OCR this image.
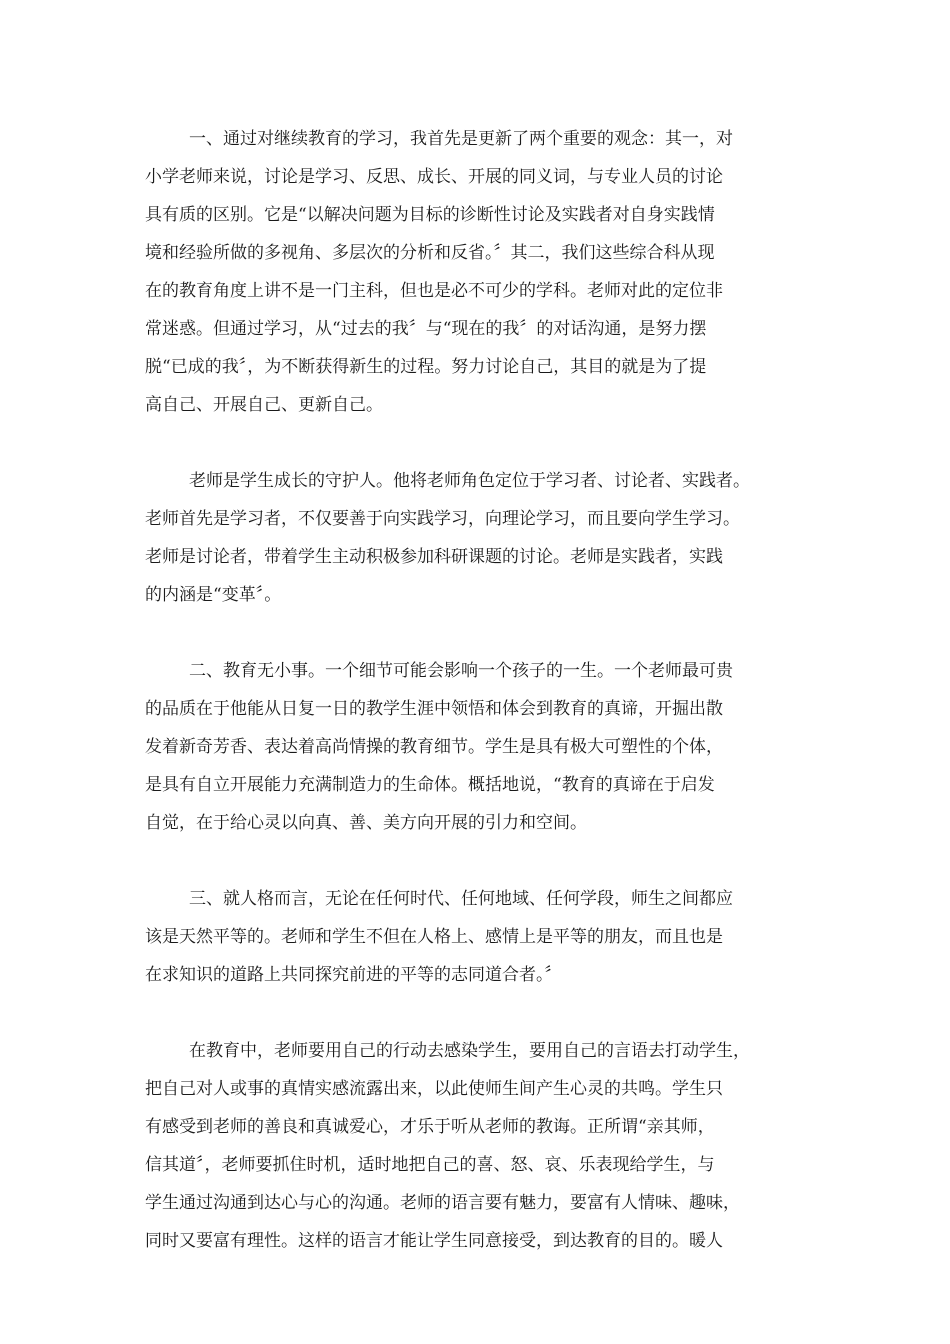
一、通过对继续教育的学习，我首先是更新了两个重要的观念：其一，对
小学老师来说，讨论是学习、反思、成长、开展的同义词，与专业人员的讨论
具有质的区别。它是“以解决问题为目标的诊断性讨论及实践者对自身实践情
境和经验所做的多视角、多层次的分析和反省。〞其二，我们这些综合科从现
在的教育角度上讲不是一门主科，但也是必不可少的学科。老师对此的定位非
常迷惑。但通过学习，从“过去的我〞与“现在的我〞的对话沟通，是努力摆
脱“已成的我〞，为不断获得新生的过程。努力讨论自己，其目的就是为了提
高自己、开展自己、更新自己。
老师是学生成长的守护人。他将老师角色定位于学习者、讨论者、实践者。
老师首先是学习者，不仅要善于向实践学习，向理论学习，而且要向学生学习。
老师是讨论者，带着学生主动积极参加科研课题的讨论。老师是实践者，实践
的内涵是“变革〞。
二、教育无小事。一个细节可能会影响一个孩子的一生。一个老师最可贵
的品质在于他能从日复一日的教学生涯中领悟和体会到教育的真谛，开掘出散
发着新奇芳香、表达着高尚情操的教育细节。学生是具有极大可塑性的个体，
是具有自立开展能力充满制造力的生命体。概括地说，“教育的真谛在于启发
自觉，在于给心灵以向真、善、美方向开展的引力和空间。
三、就人格而言，无论在任何时代、任何地域、任何学段，师生之间都应
该是天然平等的。老师和学生不但在人格上、感情上是平等的朋友，而且也是
在求知识的道路上共同探究前进的平等的志同道合者。〞
在教育中，老师要用自己的行动去感染学生，要用自己的言语去打动学生，
把自己对人或事的真情实感流露出来，以此使师生间产生心灵的共鸣。学生只
有感受到老师的善良和真诚爱心，才乐于听从老师的教诲。正所谓“亲其师，
信其道〞，老师要抓住时机，适时地把自己的喜、怒、哀、乐表现给学生，与
学生通过沟通到达心与心的沟通。老师的语言要有魅力，要富有人情味、趣味，
同时又要富有理性。这样的语言才能让学生同意接受，到达教育的目的。暖人
